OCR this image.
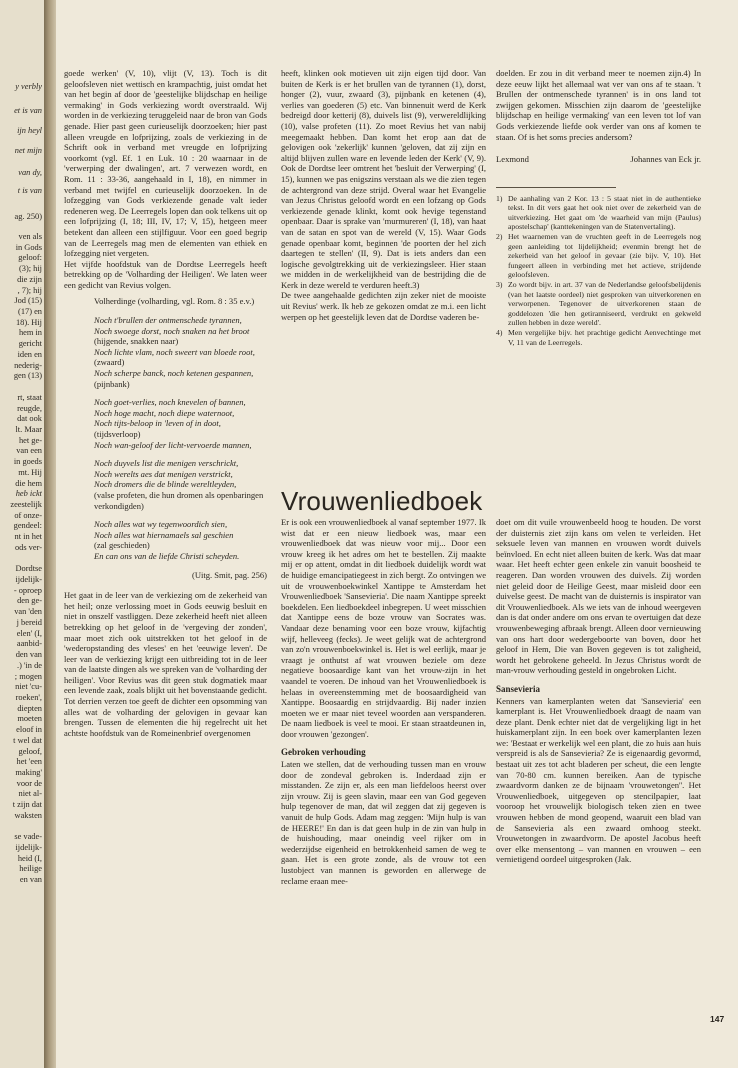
y verbly
et is van
ijn heyl
net mijn
van dy,
t is van
ag. 250)
ven als
in Gods
geloof:
(3); hij
die zijn
, 7); hij
Jod (15)
(17) en
18). Hij
hem in
gericht
iden en
nederig-
gen (13)
rt, staat
reugde,
dat ook
lt. Maar
het ge-
van een
in goeds
mt. Hij
die hem
heb ickt
zeestelijk
of onze-
gendeel:
nt in het
ods ver-
Dordtse
ijdelijk-
- oproep
den ge-
van 'den
j bereid
elen' (I,
aanbid-
den van
.) 'in de
; mogen
niet 'cu-
roeken',
diepten
moeten
eloof in
t wel dat
geloof,
het 'een
making'
voor de
niet al-
t zijn dat
waksten
se vade-
ijdelijk-
heid (I,
heilige
en van

goede werken' (V, 10), vlijt (V, 13). Toch is dit geloofsleven niet wettisch en krampachtig, juist omdat het van het begin af door de 'geestelijke blijdschap en heilige vermaking' in Gods verkiezing wordt overstraald. Wij worden in de verkiezing teruggeleid naar de bron van Gods genade. Hier past geen curieuselijk doorzoeken; hier past alleen vreugde en lofprijzing, zoals de verkiezing in de Schrift ook in verband met vreugde en lofprijzing voorkomt (vgl. Ef. 1 en Luk. 10 : 20 waarnaar in de 'verwerping der dwalingen', art. 7 verwezen wordt, en Rom. 11 : 33-36, aangehaald in I, 18), en nimmer in verband met twijfel en curieuselijk doorzoeken. In de lofzegging van Gods verkiezende genade valt ieder redeneren weg. De Leerregels lopen dan ook telkens uit op een lofprijzing (I, 18; III, IV, 17; V, 15), hetgeen meer betekent dan alleen een stijlfiguur. Voor een goed begrip van de Leerregels mag men de elementen van ethiek en lofzegging niet vergeten.

Het vijfde hoofdstuk van de Dordtse Leerregels heeft betrekking op de 'Volharding der Heiligen'. We laten weer een gedicht van Revius volgen.

Volherdinge (volharding, vgl. Rom. 8 : 35 e.v.)
Noch t'brullen der ontmenschede tyrannen,
Noch swoege dorst, noch snaken na het broot
(hijgende, snakken naar)
Noch lichte vlam, noch sweert van bloede root,
(zwaard)
Noch scherpe banck, noch ketenen gespannen,
(pijnbank)
Noch goet-verlies, noch knevelen of bannen,
Noch hoge macht, noch diepe waternoot,
Noch tijts-beloop in 'leven of in doot,
(tijdsverloop)
Noch wan-geloof der licht-vervoerde mannen,
Noch duyvels list die menigen verschrickt,
Noch werelts aes dat menigen verstrickt,
Noch dromers die de blinde wereltleyden,
(valse profeten, die hun dromen als openbaringen verkondigden)
Noch alles wat wy tegenwoordich sien,
Noch alles wat hiernamaels sal geschien
(zal geschieden)
En can ons van de liefde Christi scheyden.
(Uitg. Smit, pag. 256)

Het gaat in de leer van de verkiezing om de zekerheid van het heil; onze verlossing moet in Gods eeuwig besluit en niet in onszelf vastliggen. Deze zekerheid heeft niet alleen betrekking op het geloof in de 'vergeving der zonden', maar moet zich ook uitstrekken tot het geloof in de 'wederopstanding des vleses' en het 'eeuwige leven'. De leer van de verkiezing krijgt een uitbreiding tot in de leer van de laatste dingen als we spreken van de 'volharding der heiligen'. Voor Revius was dit geen stuk dogmatiek maar een levende zaak, zoals blijkt uit het bovenstaande gedicht. Tot derrien verzen toe geeft de dichter een opsomming van alles wat de volharding der gelovigen in gevaar kan brengen. Tussen de elementen die hij regelrecht uit het achtste hoofdstuk van de Romeinenbrief overgenomen

heeft, klinken ook motieven uit zijn eigen tijd door. Van buiten de Kerk is er het brullen van de tyrannen (1), dorst, honger (2), vuur, zwaard (3), pijnbank en ketenen (4), verlies van goederen (5) etc. Van binnenuit werd de Kerk bedreigd door ketterij (8), duivels list (9), verwereldlijking (10), valse profeten (11). Zo moet Revius het van nabij meegemaakt hebben. Dan komt het erop aan dat de gelovigen ook 'zekerlijk' kunnen 'geloven, dat zij zijn en altijd blijven zullen ware en levende leden der Kerk' (V, 9). Ook de Dordtse leer omtrent het 'besluit der Verwerping' (I, 15), kunnen we pas enigszins verstaan als we die zien tegen de achtergrond van deze strijd. Overal waar het Evangelie van Jezus Christus geloofd wordt en een lofzang op Gods verkiezende genade klinkt, komt ook hevige tegenstand openbaar. Daar is sprake van 'murmureren' (I, 18), van haat van de satan en spot van de wereld (V, 15). Waar Gods genade openbaar komt, beginnen 'de poorten der hel zich daartegen te stellen' (II, 9). Dat is iets anders dan een logische gevolgtrekking uit de verkiezingsleer. Hier staan we midden in de werkelijkheid van de bestrijding die de Kerk in deze wereld te verduren heeft.3)

De twee aangehaalde gedichten zijn zeker niet de mooiste uit Revius' werk. Ik heb ze gekozen omdat ze m.i. een licht werpen op het geestelijk leven dat de Dordtse vaderen be-

doelden. Er zou in dit verband meer te noemen zijn.4) In deze eeuw lijkt het allemaal wat ver van ons af te staan. 't Brullen der ontmenschede tyrannen' is in ons land tot zwijgen gekomen. Misschien zijn daarom de 'geestelijke blijdschap en heilige vermaking' van een leven tot lof van Gods verkiezende liefde ook verder van ons af komen te staan. Of is het soms precies andersom?

Lexmond	Johannes van Eck jr.
1) De aanhaling van 2 Kor. 13 : 5 staat niet in de authentieke tekst. In dit vers gaat het ook niet over de zekerheid van de uitverkiezing. Het gaat om 'de waarheid van mijn (Paulus) apostelschap' (kanttekeningen van de Statenvertaling).
2) Het waarnemen van de vruchten geeft in de Leerregels nog geen aanleiding tot lijdelijkheid; evenmin brengt het de zekerheid van het geloof in gevaar (zie bijv. V, 10). Het fungeert alleen in verbinding met het actieve, strijdende geloofsleven.
3) Zo wordt bijv. in art. 37 van de Nederlandse geloofsbelijdenis (van het laatste oordeel) niet gesproken van uitverkorenen en verworpenen. Tegenover de uitverkorenen staan de goddelozen 'die hen getiranniseerd, verdrukt en gekweld zullen hebben in deze wereld'.
4) Men vergelijke bijv. het prachtige gedicht Aenvechtinge met V, 11 van de Leerregels.
Vrouwenliedboek

Er is ook een vrouwenliedboek al vanaf september 1977. Ik wist dat er een nieuw liedboek was, maar een vrouwenliedboek dat was nieuw voor mij... Door een vrouw kreeg ik het adres om het te bestellen. Zij maakte mij er op attent, omdat in dit liedboek duidelijk wordt wat de huidige emancipatiegeest in zich bergt. Zo ontvingen we uit de vrouwenboekwinkel Xantippe te Amsterdam het Vrouwenliedboek 'Sansevieria'. Die naam Xantippe spreekt boekdelen. Een liedboekdeel inbegrepen. U weet misschien dat Xantippe eens de boze vrouw van Socrates was. Vandaar deze benaming voor een boze vrouw, kijfachtig wijf, helleveeg (fecks). Je weet gelijk wat de achtergrond van zo'n vrouwenboekwinkel is. Het is wel eerlijk, maar je vraagt je onthutst af wat vrouwen beziele om deze negatieve boosaardige kant van het vrouw-zijn in het vaandel te voeren. De inhoud van het Vrouwenliedboek is helaas in overeenstemming met de boosaardigheid van Xantippe. Boosaardig en strijdvaardig. Bij nader inzien moeten we er maar niet teveel woorden aan verspanderen. De naam liedboek is veel te mooi. Er staan straatdeunen in, door vrouwen 'gezongen'.

Gebroken verhouding

Laten we stellen, dat de verhouding tussen man en vrouw door de zondeval gebroken is. Inderdaad zijn er misstanden. Ze zijn er, als een man liefdeloos heerst over zijn vrouw. Zij is geen slavin, maar een van God gegeven hulp tegenover de man, dat wil zeggen dat zij gegeven is vanuit de hulp Gods. Adam mag zeggen: 'Mijn hulp is van de HEERE!' En dan is dat geen hulp in de zin van hulp in de huishouding, maar oneindig veel rijker om in wederzijdse eigenheid en betrokkenheid samen de weg te gaan. Het is een grote zonde, als de vrouw tot een lustobject van mannen is geworden en allerwege de reclame eraan mee-

doet om dit vuile vrouwenbeeld hoog te houden. De vorst der duisternis ziet zijn kans om velen te verleiden. Het seksuele leven van mannen en vrouwen wordt duivels beïnvloed. En echt niet alleen buiten de kerk. Was dat maar waar. Het heeft echter geen enkele zin vanuit boosheid te reageren. Dan worden vrouwen des duivels. Zij worden niet geleid door de Heilige Geest, maar misleid door een duivelse geest. De macht van de duisternis is inspirator van dit Vrouwenliedboek. Als we iets van de inhoud weergeven dan is dat onder andere om ons ervan te overtuigen dat deze vrouwenbeweging afbraak brengt. Alleen door vernieuwing van ons hart door wedergeboorte van boven, door het geloof in Hem, Die van Boven gegeven is tot zaligheid, wordt het gebrokene geheeld. In Jezus Christus wordt de man-vrouw verhouding gesteld in ongebroken Licht.

Sansevieria

Kenners van kamerplanten weten dat 'Sansevieria' een kamerplant is. Het Vrouwenliedboek draagt de naam van deze plant. Denk echter niet dat de vergelijking ligt in het huiskamerplant zijn. In een boek over kamerplanten lezen we: 'Bestaat er werkelijk wel een plant, die zo huis aan huis verspreid is als de Sansevieria? Ze is eigenaardig gevormd, bestaat uit zes tot acht bladeren per scheut, die een lengte van 70-80 cm. kunnen bereiken. Aan de typische zwaardvorm danken ze de bijnaam 'vrouwetongen''. Het Vrouwenliedboek, uitgegeven op stencilpapier, laat vooroop het vrouwelijk biologisch teken zien en twee vrouwen hebben de mond geopend, waaruit een blad van de Sansevieria als een zwaard omhoog steekt. Vrouwetongen in zwaardvorm. De apostel Jacobus heeft over elke mensentong – van mannen en vrouwen – een vernietigend oordeel uitgesproken (Jak.

147
